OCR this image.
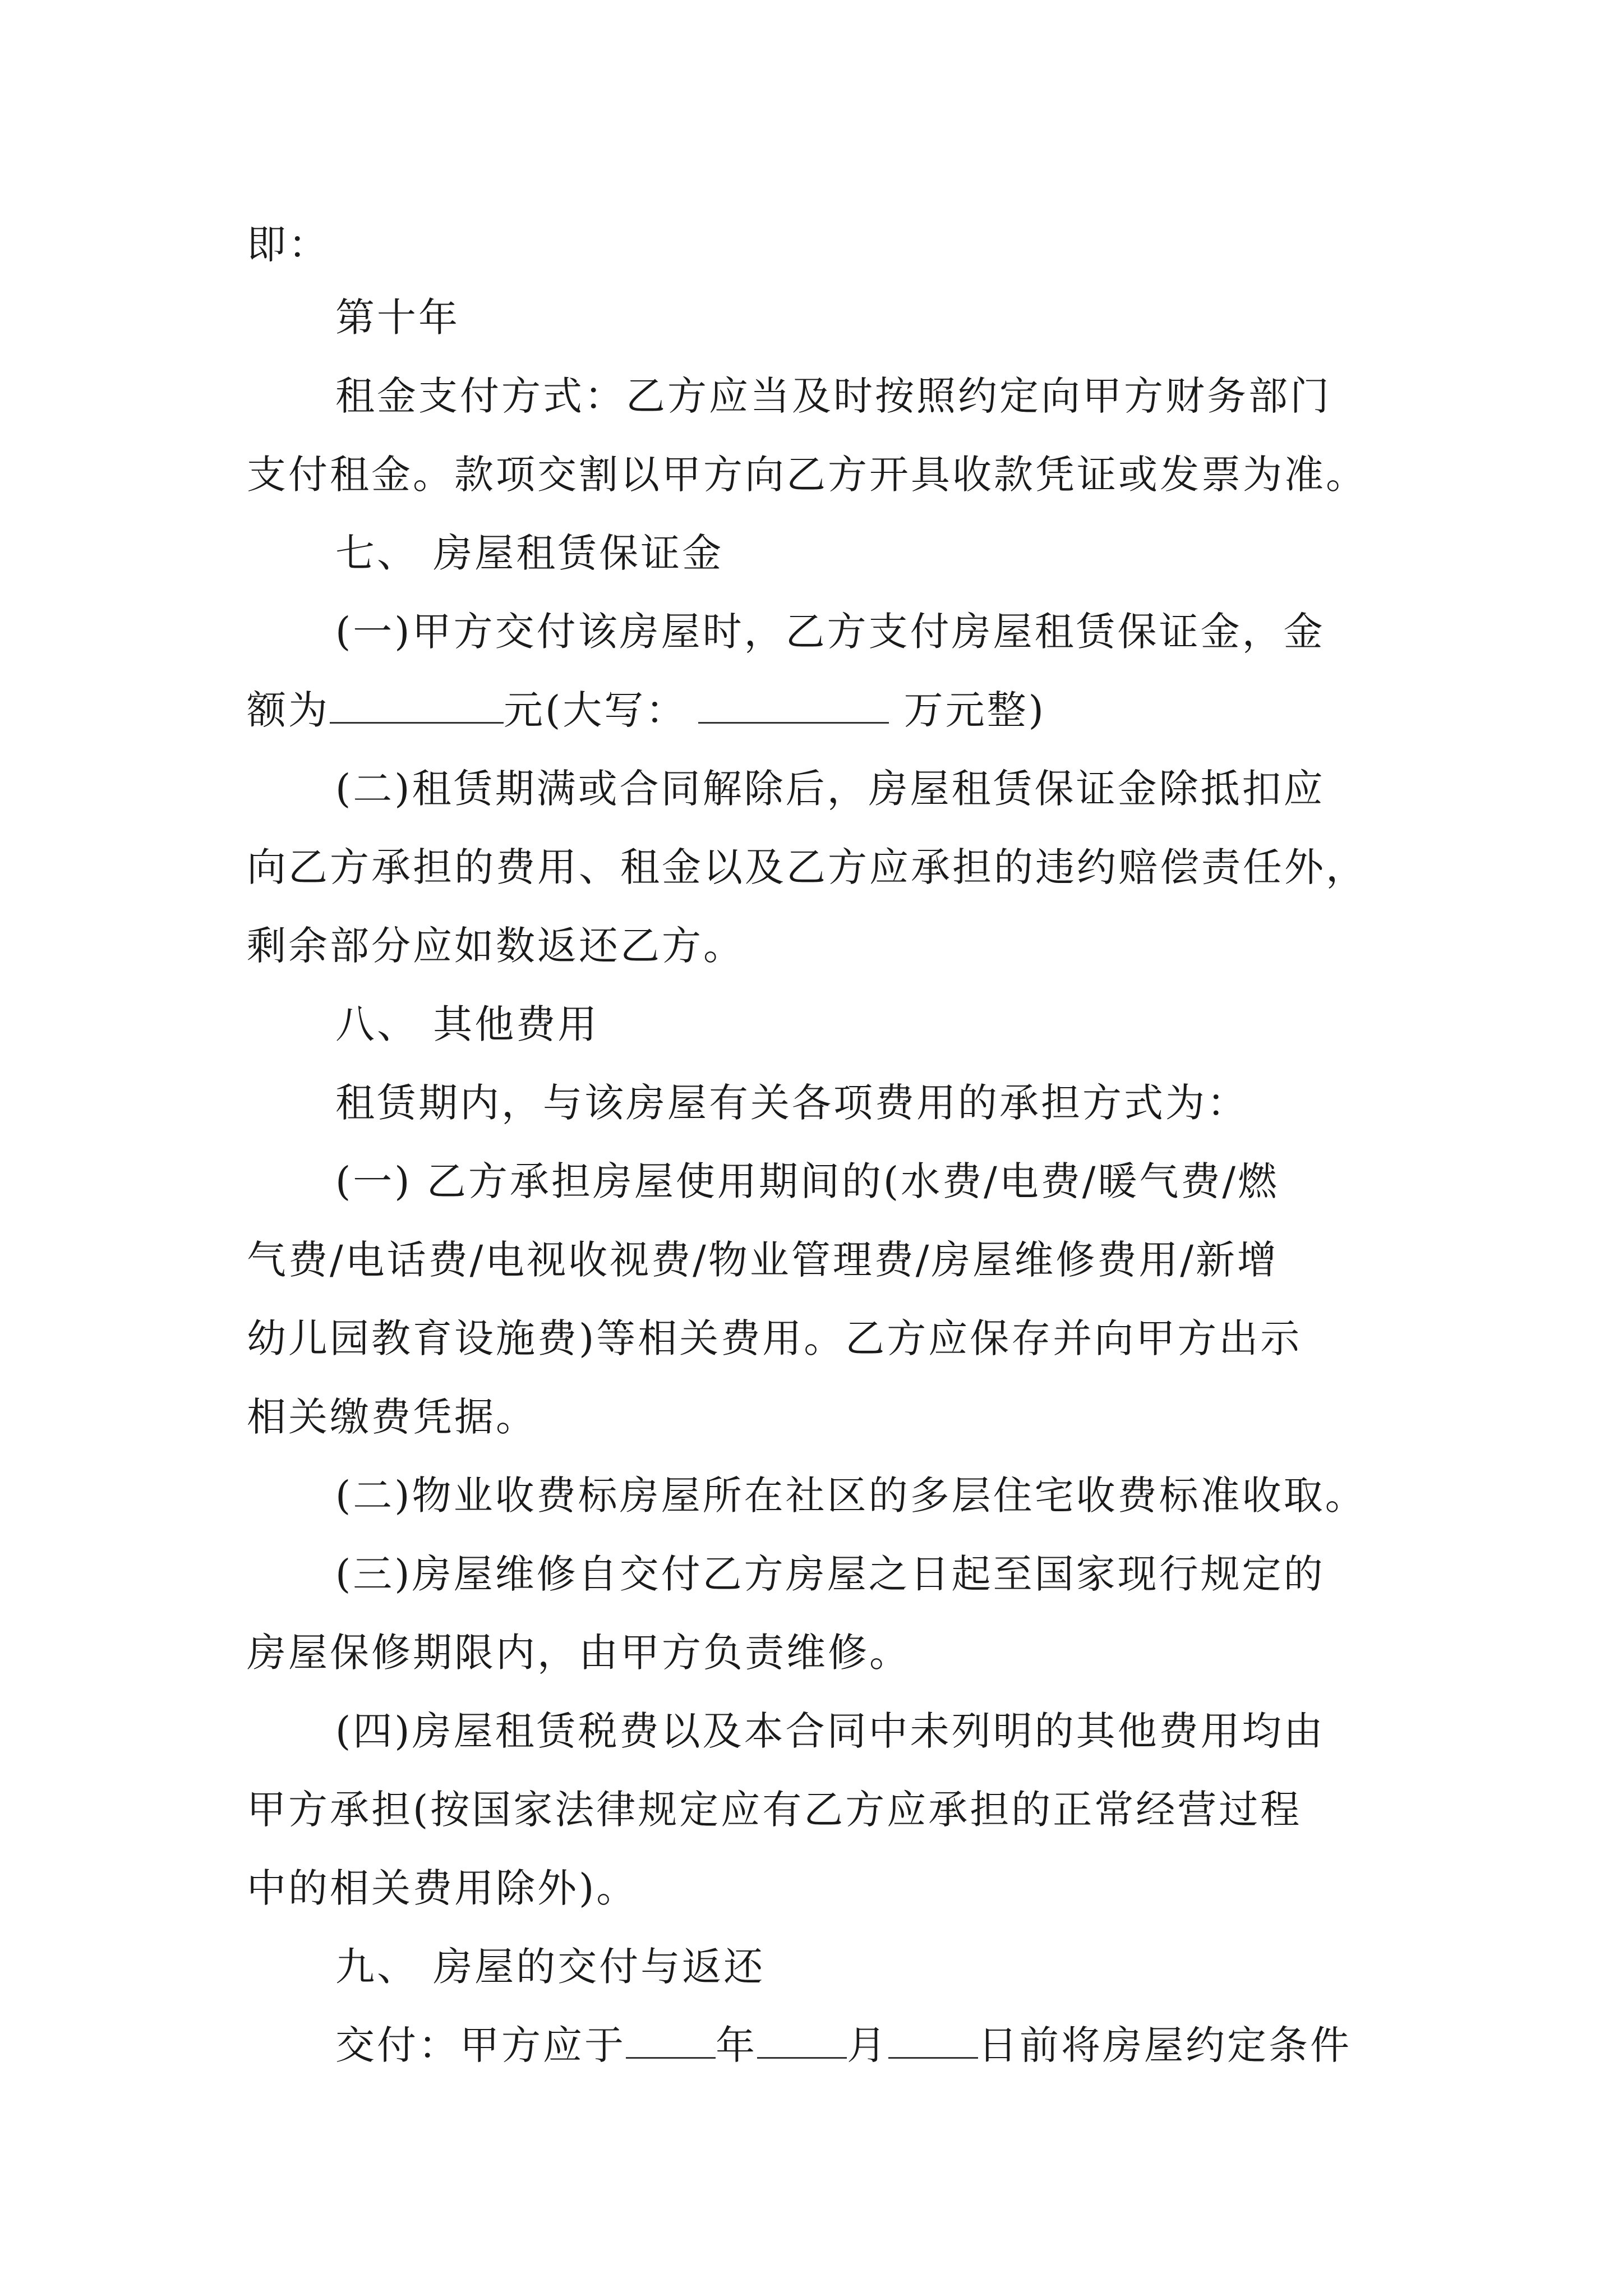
即：
第十年
租金支付方式：乙方应当及时按照约定向甲方财务部门
支付租金。款项交割以甲方向乙方开具收款凭证或发票为准。
七、 房屋租赁保证金
(一)甲方交付该房屋时，乙方支付房屋租赁保证金，金
额为	元(大写：	万元整)
(二)租赁期满或合同解除后，房屋租赁保证金除抵扣应
向乙方承担的费用、租金以及乙方应承担的违约赔偿责任外，
剩余部分应如数返还乙方。
八、 其他费用
租赁期内，与该房屋有关各项费用的承担方式为：
(一) 乙方承担房屋使用期间的(水费/电费/暖气费/燃
气费/电话费/电视收视费/物业管理费/房屋维修费用/新增
幼儿园教育设施费)等相关费用。乙方应保存并向甲方出示
相关缴费凭据。
(二)物业收费标房屋所在社区的多层住宅收费标准收取。
(三)房屋维修自交付乙方房屋之日起至国家现行规定的
房屋保修期限内，由甲方负责维修。
(四)房屋租赁税费以及本合同中未列明的其他费用均由
甲方承担(按国家法律规定应有乙方应承担的正常经营过程
中的相关费用除外)。
九、 房屋的交付与返还
交付：甲方应于 年 月 日前将房屋约定条件
